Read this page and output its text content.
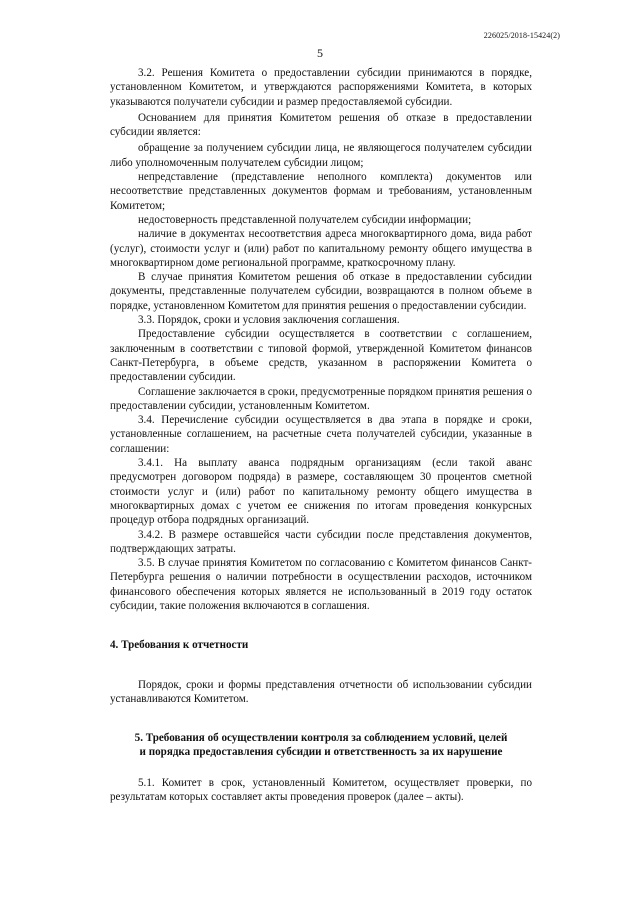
226025/2018-15424(2)
5

3.2. Решения Комитета о предоставлении субсидии принимаются в порядке, установленном Комитетом, и утверждаются распоряжениями Комитета, в которых указываются получатели субсидии и размер предоставляемой субсидии.

Основанием для принятия Комитетом решения об отказе в предоставлении субсидии является:

обращение за получением субсидии лица, не являющегося получателем субсидии либо уполномоченным получателем субсидии лицом;

непредставление (представление неполного комплекта) документов или несоответствие представленных документов формам и требованиям, установленным Комитетом;

недостоверность представленной получателем субсидии информации;

наличие в документах несоответствия адреса многоквартирного дома, вида работ (услуг), стоимости услуг и (или) работ по капитальному ремонту общего имущества в многоквартирном доме региональной программе, краткосрочному плану.

В случае принятия Комитетом решения об отказе в предоставлении субсидии документы, представленные получателем субсидии, возвращаются в полном объеме в порядке, установленном Комитетом для принятия решения о предоставлении субсидии.

3.3. Порядок, сроки и условия заключения соглашения.

Предоставление субсидии осуществляется в соответствии с соглашением, заключенным в соответствии с типовой формой, утвержденной Комитетом финансов Санкт-Петербурга, в объеме средств, указанном в распоряжении Комитета о предоставлении субсидии.

Соглашение заключается в сроки, предусмотренные порядком принятия решения о предоставлении субсидии, установленным Комитетом.

3.4. Перечисление субсидии осуществляется в два этапа в порядке и сроки, установленные соглашением, на расчетные счета получателей субсидии, указанные в соглашении:

3.4.1. На выплату аванса подрядным организациям (если такой аванс предусмотрен договором подряда) в размере, составляющем 30 процентов сметной стоимости услуг и (или) работ по капитальному ремонту общего имущества в многоквартирных домах с учетом ее снижения по итогам проведения конкурсных процедур отбора подрядных организаций.

3.4.2. В размере оставшейся части субсидии после представления документов, подтверждающих затраты.

3.5. В случае принятия Комитетом по согласованию с Комитетом финансов Санкт-Петербурга решения о наличии потребности в осуществлении расходов, источником финансового обеспечения которых является не использованный в 2019 году остаток субсидии, такие положения включаются в соглашения.

4. Требования к отчетности

Порядок, сроки и формы представления отчетности об использовании субсидии устанавливаются Комитетом.

5. Требования об осуществлении контроля за соблюдением условий, целей
и порядка предоставления субсидии и ответственность за их нарушение

5.1. Комитет в срок, установленный Комитетом, осуществляет проверки, по результатам которых составляет акты проведения проверок (далее – акты).
